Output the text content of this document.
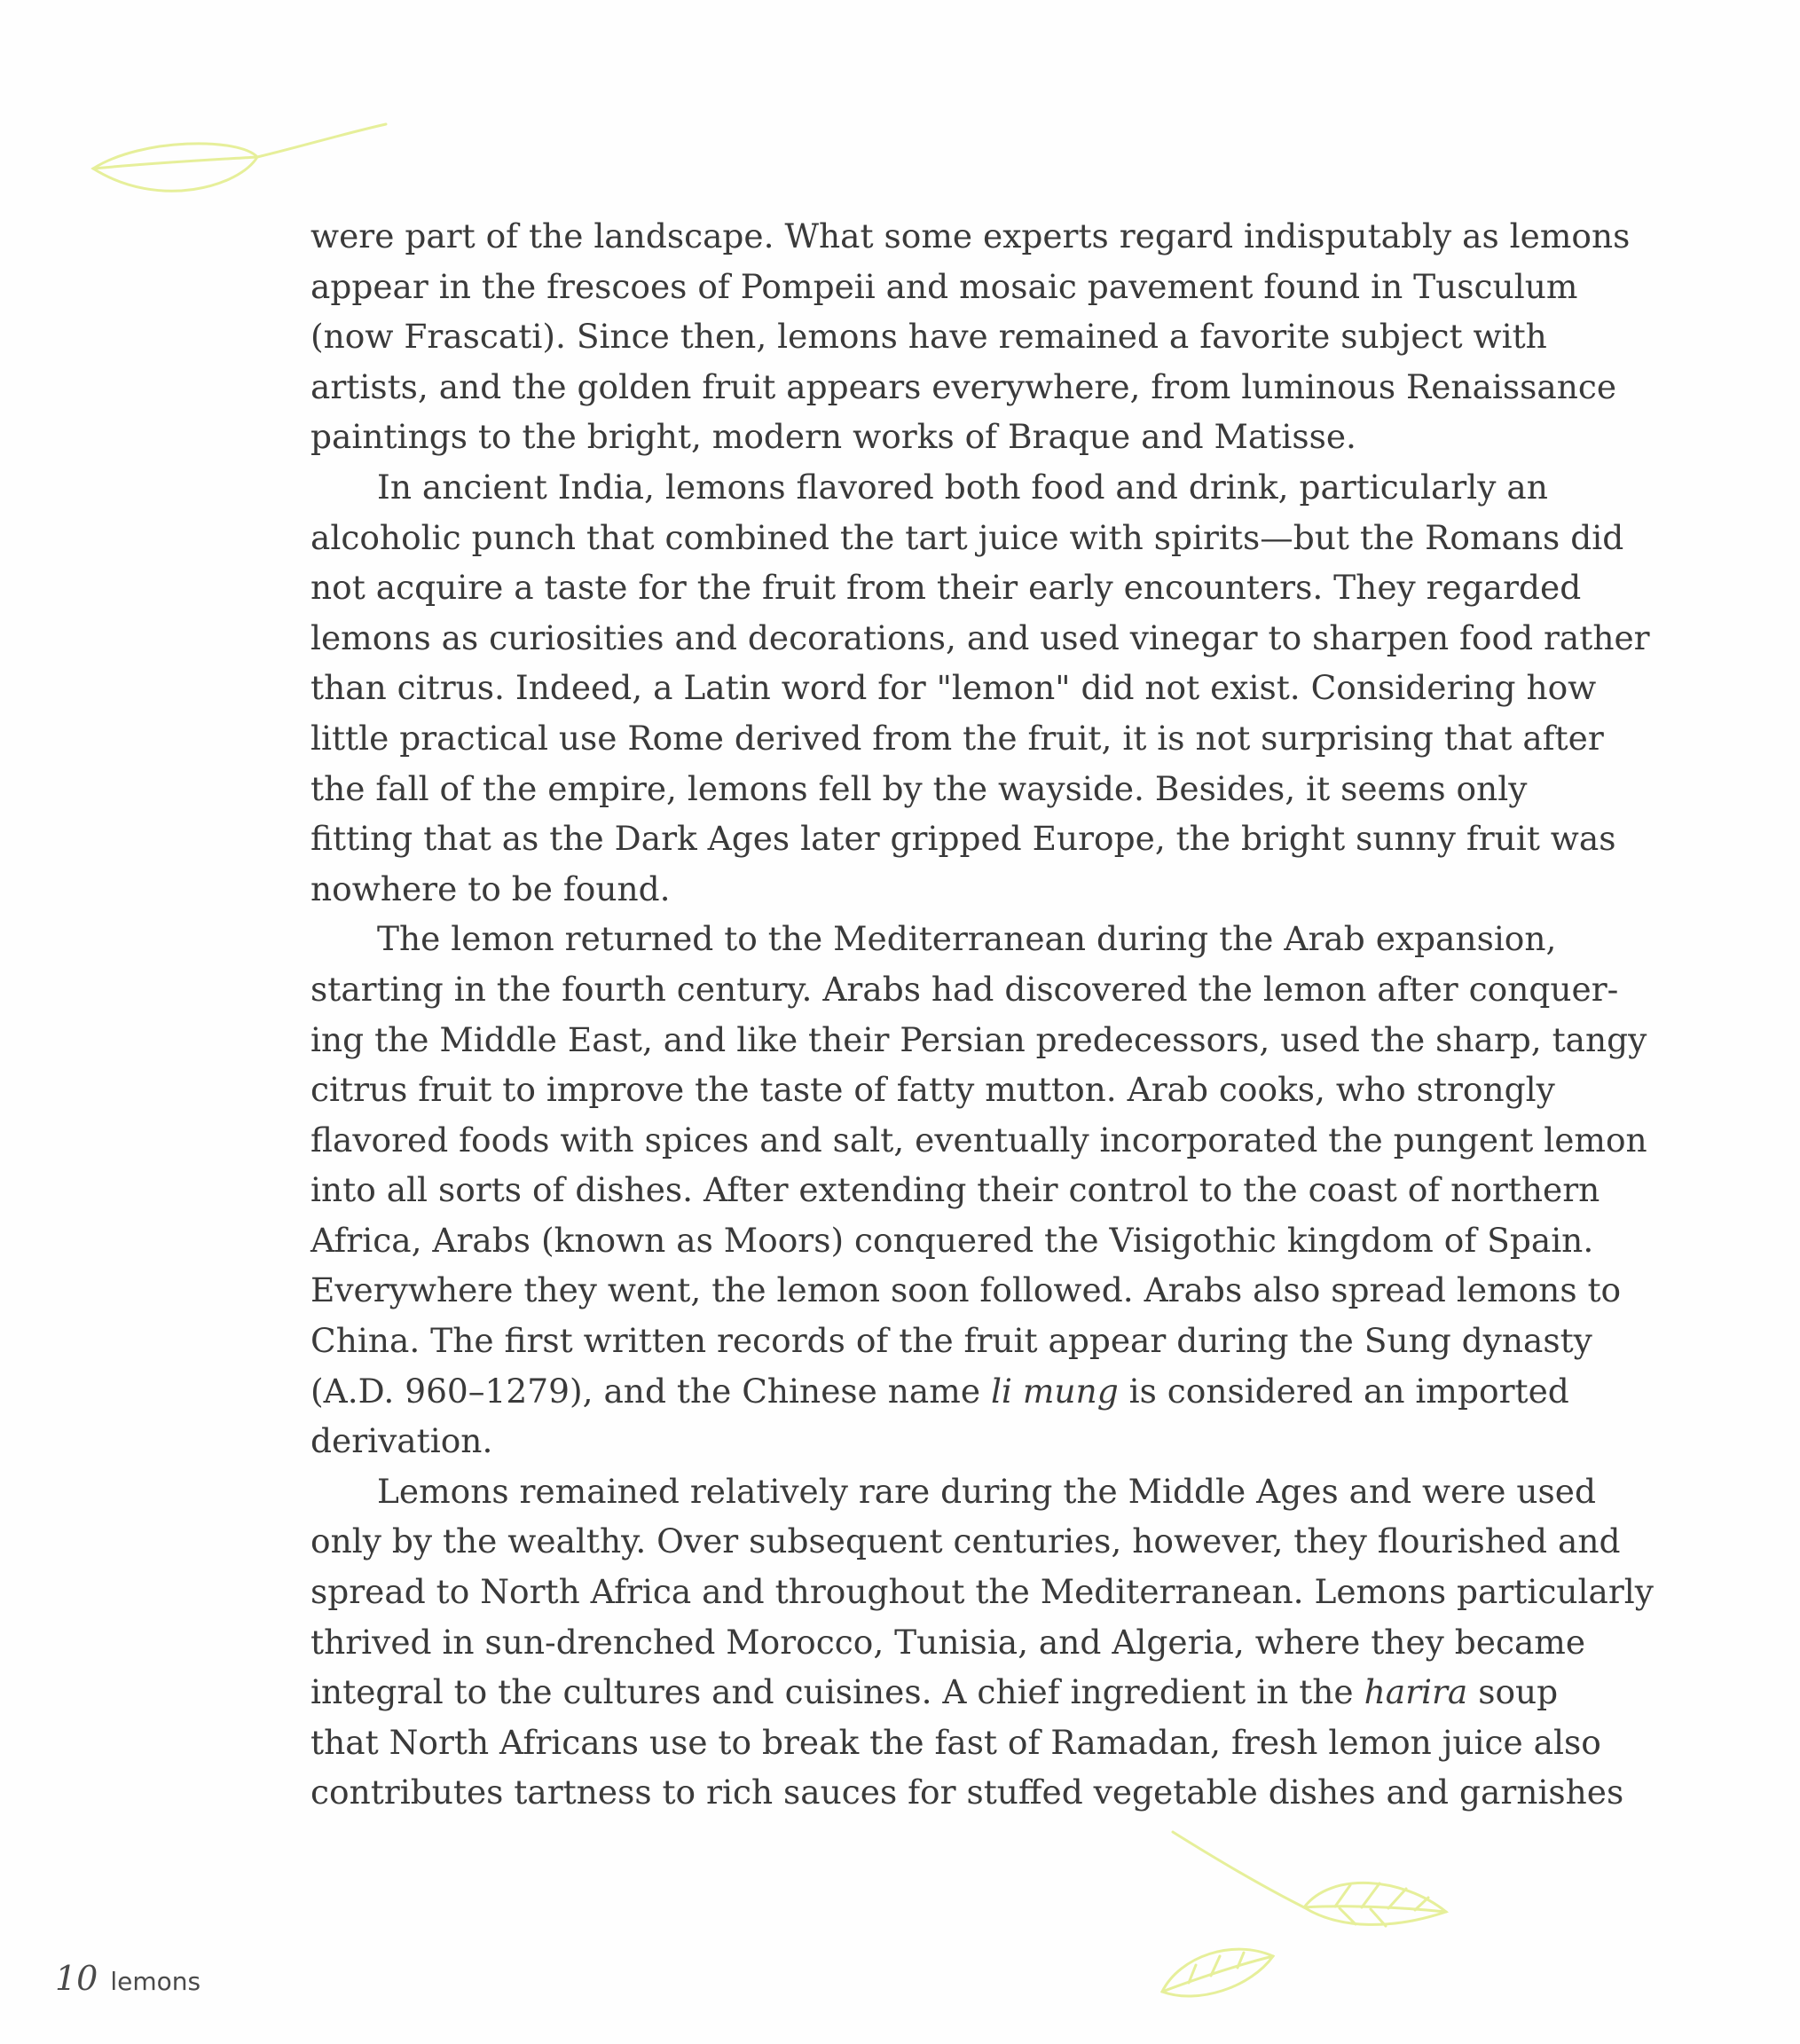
were part of the landscape. What some experts regard indisputably as lemons
appear in the frescoes of Pompeii and mosaic pavement found in Tusculum
(now Frascati). Since then, lemons have remained a favorite subject with
artists, and the golden fruit appears everywhere, from luminous Renaissance
paintings to the bright, modern works of Braque and Matisse.
In ancient India, lemons flavored both food and drink, particularly an
alcoholic punch that combined the tart juice with spirits—but the Romans did
not acquire a taste for the fruit from their early encounters. They regarded
lemons as curiosities and decorations, and used vinegar to sharpen food rather
than citrus. Indeed, a Latin word for "lemon" did not exist. Considering how
little practical use Rome derived from the fruit, it is not surprising that after
the fall of the empire, lemons fell by the wayside. Besides, it seems only
fitting that as the Dark Ages later gripped Europe, the bright sunny fruit was
nowhere to be found.
The lemon returned to the Mediterranean during the Arab expansion,
starting in the fourth century. Arabs had discovered the lemon after conquer-
ing the Middle East, and like their Persian predecessors, used the sharp, tangy
citrus fruit to improve the taste of fatty mutton. Arab cooks, who strongly
flavored foods with spices and salt, eventually incorporated the pungent lemon
into all sorts of dishes. After extending their control to the coast of northern
Africa, Arabs (known as Moors) conquered the Visigothic kingdom of Spain.
Everywhere they went, the lemon soon followed. Arabs also spread lemons to
China. The first written records of the fruit appear during the Sung dynasty
(A.D. 960–1279), and the Chinese name li mung is considered an imported
derivation.
Lemons remained relatively rare during the Middle Ages and were used
only by the wealthy. Over subsequent centuries, however, they flourished and
spread to North Africa and throughout the Mediterranean. Lemons particularly
thrived in sun-drenched Morocco, Tunisia, and Algeria, where they became
integral to the cultures and cuisines. A chief ingredient in the harira soup
that North Africans use to break the fast of Ramadan, fresh lemon juice also
contributes tartness to rich sauces for stuffed vegetable dishes and garnishes
10 lemons
